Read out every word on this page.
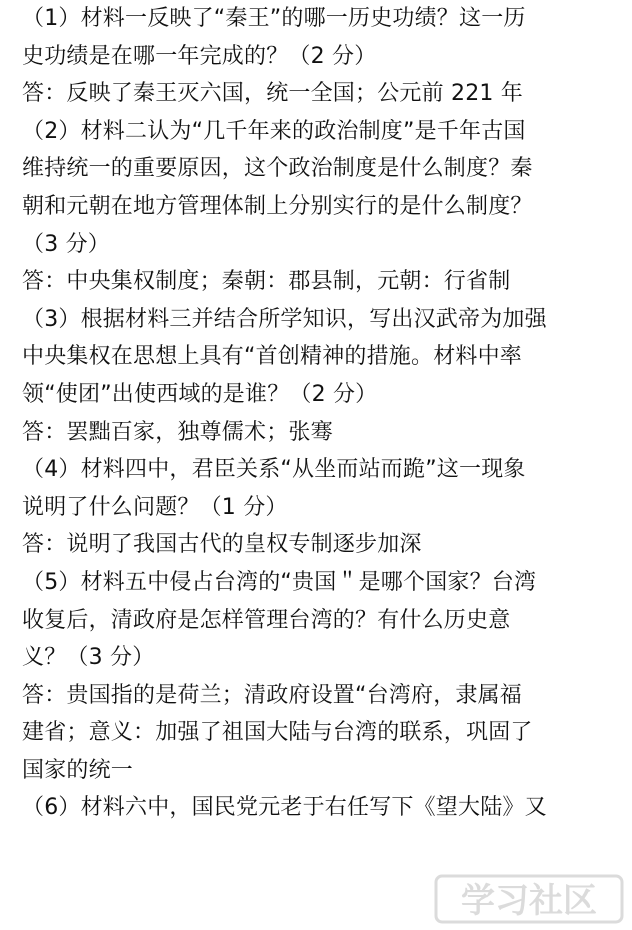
（1）材料一反映了“秦王”的哪一历史功绩？这一历
史功绩是在哪一年完成的？（2 分）
答：反映了秦王灭六国，统一全国；公元前 221 年
（2）材料二认为“几千年来的政治制度”是千年古国
维持统一的重要原因，这个政治制度是什么制度？秦
朝和元朝在地方管理体制上分别实行的是什么制度？
（3 分）
答：中央集权制度；秦朝：郡县制，元朝：行省制
（3）根据材料三并结合所学知识，写出汉武帝为加强
中央集权在思想上具有“首创精神的措施。材料中率
领“使团”出使西域的是谁？（2 分）
答：罢黜百家，独尊儒术；张骞
（4）材料四中，君臣关系“从坐而站而跪”这一现象
说明了什么问题？（1 分）
答：说明了我国古代的皇权专制逐步加深
（5）材料五中侵占台湾的“贵国＂是哪个国家？台湾
收复后，清政府是怎样管理台湾的？有什么历史意
义？（3 分）
答：贵国指的是荷兰；清政府设置“台湾府，隶属福
建省；意义：加强了祖国大陆与台湾的联系，巩固了
国家的统一
（6）材料六中，国民党元老于右任写下《望大陆》又
学习社区
